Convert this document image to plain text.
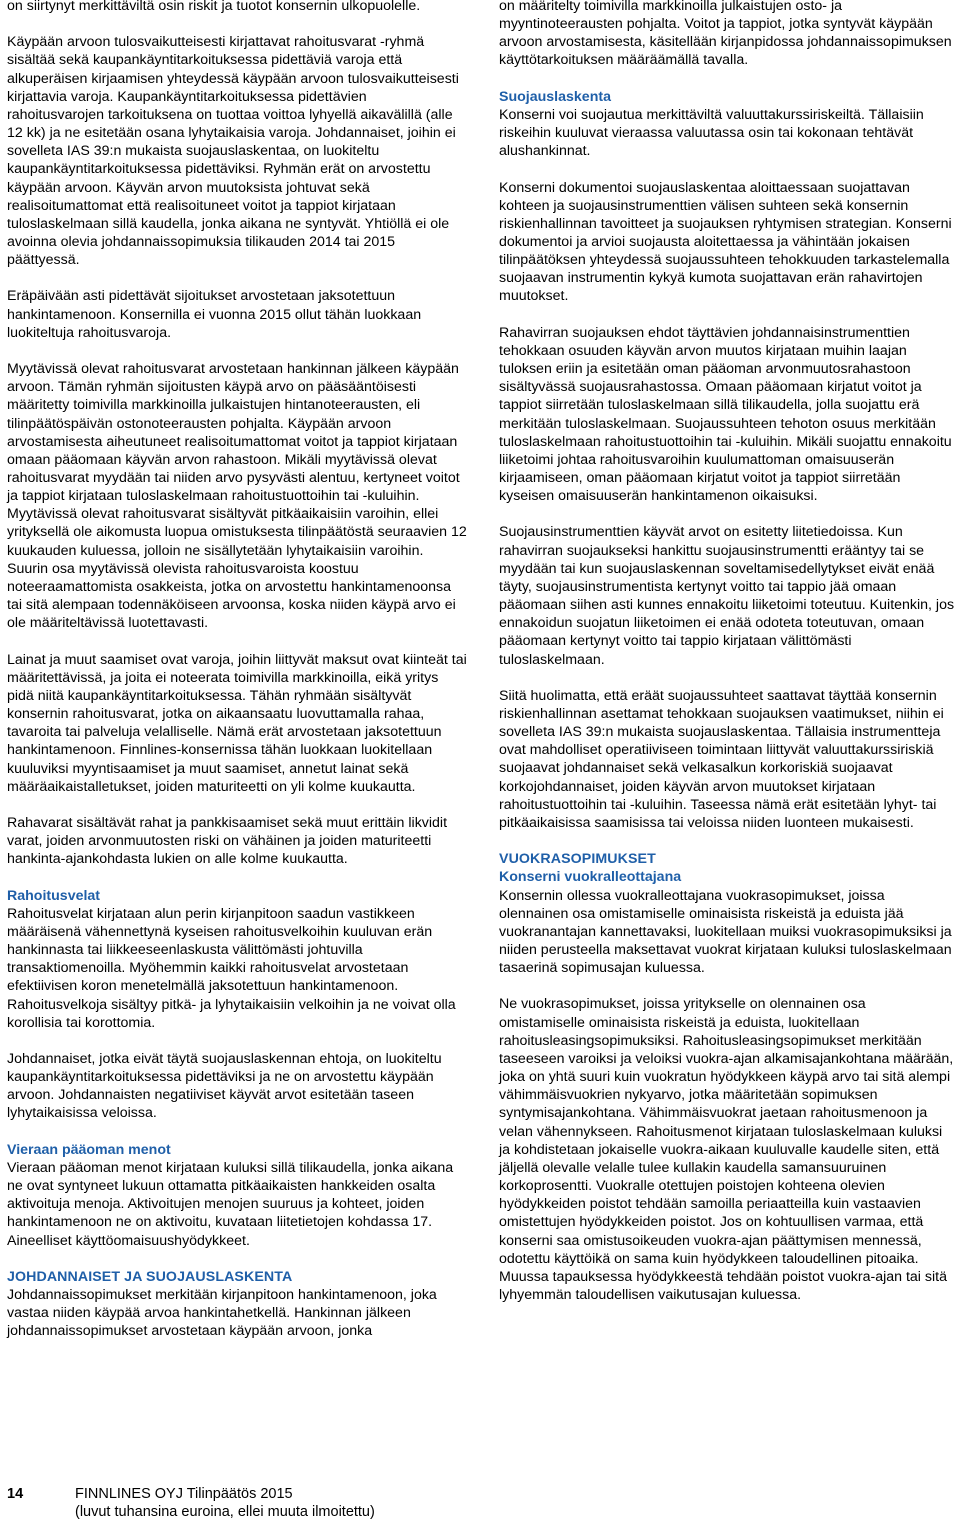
on siirtynyt merkittäviltä osin riskit ja tuotot konsernin ulkopuolelle.

Käypään arvoon tulosvaikutteisesti kirjattavat rahoitusvarat -ryhmä sisältää sekä kaupankäyntitarkoituksessa pidettäviä varoja että alkuperäisen kirjaamisen yhteydessä käypään arvoon tulosvaikutteisesti kirjattavia varoja. Kaupankäyntitarkoituksessa pidettävien rahoitusvarojen tarkoituksena on tuottaa voittoa lyhyellä aikavälillä (alle 12 kk) ja ne esitetään osana lyhytaikaisia varoja. Johdannaiset, joihin ei sovelleta IAS 39:n mukaista suojauslaskentaa, on luokiteltu kaupankäyntitarkoituksessa pidettäviksi. Ryhmän erät on arvostettu käypään arvoon. Käyvän arvon muutoksista johtuvat sekä realisoitumattomat että realisoituneet voitot ja tappiot kirjataan tuloslaskelmaan sillä kaudella, jonka aikana ne syntyvät. Yhtiöllä ei ole avoinna olevia johdannaissopimuksia tilikauden 2014 tai 2015 päättyessä.

Eräpäivään asti pidettävät sijoitukset arvostetaan jaksotettuun hankintamenoon. Konsernilla ei vuonna 2015 ollut tähän luokkaan luokiteltuja rahoitusvaroja.

Myytävissä olevat rahoitusvarat arvostetaan hankinnan jälkeen käypään arvoon. Tämän ryhmän sijoitusten käypä arvo on pääsääntöisesti määritetty toimivilla markkinoilla julkaistujen hintanoteerausten, eli tilinpäätöspäivän ostonoteerausten pohjalta. Käypään arvoon arvostamisesta aiheutuneet realisoitumattomat voitot ja tappiot kirjataan omaan pääomaan käyvän arvon rahastoon. Mikäli myytävissä olevat rahoitusvarat myydään tai niiden arvo pysyvästi alentuu, kertyneet voitot ja tappiot kirjataan tuloslaskelmaan rahoitustuottoihin tai -kuluihin. Myytävissä olevat rahoitusvarat sisältyvät pitkäaikaisiin varoihin, ellei yrityksellä ole aikomusta luopua omistuksesta tilinpäätöstä seuraavien 12 kuukauden kuluessa, jolloin ne sisällytetään lyhytaikaisiin varoihin. Suurin osa myytävissä olevista rahoitusvaroista koostuu noteeraamattomista osakkeista, jotka on arvostettu hankintamenoonsa tai sitä alempaan todennäköiseen arvoonsa, koska niiden käypä arvo ei ole määriteltävissä luotettavasti.

Lainat ja muut saamiset ovat varoja, joihin liittyvät maksut ovat kiinteät tai määritettävissä, ja joita ei noteerata toimivilla markkinoilla, eikä yritys pidä niitä kaupankäyntitarkoituksessa. Tähän ryhmään sisältyvät konsernin rahoitusvarat, jotka on aikaansaatu luovuttamalla rahaa, tavaroita tai palveluja velalliselle. Nämä erät arvostetaan jaksotettuun hankintamenoon. Finnlines-konsernissa tähän luokkaan luokitellaan kuuluviksi myyntisaamiset ja muut saamiset, annetut lainat sekä määräaikaistalletukset, joiden maturiteetti on yli kolme kuukautta.

Rahavarat sisältävät rahat ja pankkisaamiset sekä muut erittäin likvidit varat, joiden arvonmuutosten riski on vähäinen ja joiden maturiteetti hankinta-ajankohdasta lukien on alle kolme kuukautta.

Rahoitusvelat

Rahoitusvelat kirjataan alun perin kirjanpitoon saadun vastikkeen määräisenä vähennettynä kyseisen rahoitusvelkoihin kuuluvan erän hankinnasta tai liikkeeseenlaskusta välittömästi johtuvilla transaktiomenoilla. Myöhemmin kaikki rahoitusvelat arvostetaan efektiivisen koron menetelmällä jaksotettuun hankintamenoon. Rahoitusvelkoja sisältyy pitkä- ja lyhytaikaisiin velkoihin ja ne voivat olla korollisia tai korottomia.

Johdannaiset, jotka eivät täytä suojauslaskennan ehtoja, on luokiteltu kaupankäyntitarkoituksessa pidettäviksi ja ne on arvostettu käypään arvoon. Johdannaisten negatiiviset käyvät arvot esitetään taseen lyhytaikaisissa veloissa.

Vieraan pääoman menot

Vieraan pääoman menot kirjataan kuluksi sillä tilikaudella, jonka aikana ne ovat syntyneet lukuun ottamatta pitkäaikaisten hankkeiden osalta aktivoituja menoja. Aktivoitujen menojen suuruus ja kohteet, joiden hankintamenoon ne on aktivoitu, kuvataan liitetietojen kohdassa 17. Aineelliset käyttöomaisuushyödykkeet.

JOHDANNAISET JA SUOJAUSLASKENTA

Johdannaissopimukset merkitään kirjanpitoon hankintamenoon, joka vastaa niiden käypää arvoa hankintahetkellä. Hankinnan jälkeen johdannaissopimukset arvostetaan käypään arvoon, jonka

on määritelty toimivilla markkinoilla julkaistujen osto- ja myyntinoteerausten pohjalta. Voitot ja tappiot, jotka syntyvät käypään arvoon arvostamisesta, käsitellään kirjanpidossa johdannaissopimuksen käyttötarkoituksen määräämällä tavalla.

Suojauslaskenta

Konserni voi suojautua merkittäviltä valuuttakurssiriskeiltä. Tällaisiin riskeihin kuuluvat vieraassa valuutassa osin tai kokonaan tehtävät alushankinnat.

Konserni dokumentoi suojauslaskentaa aloittaessaan suojattavan kohteen ja suojausinstrumenttien välisen suhteen sekä konsernin riskienhallinnan tavoitteet ja suojauksen ryhtymisen strategian. Konserni dokumentoi ja arvioi suojausta aloitettaessa ja vähintään jokaisen tilinpäätöksen yhteydessä suojaussuhteen tehokkuuden tarkastelemalla suojaavan instrumentin kykyä kumota suojattavan erän rahavirtojen muutokset.

Rahavirran suojauksen ehdot täyttävien johdannaisinstrumenttien tehokkaan osuuden käyvän arvon muutos kirjataan muihin laajan tuloksen eriin ja esitetään oman pääoman arvonmuutosrahastoon sisältyvässä suojausrahastossa. Omaan pääomaan kirjatut voitot ja tappiot siirretään tuloslaskelmaan sillä tilikaudella, jolla suojattu erä merkitään tuloslaskelmaan. Suojaussuhteen tehoton osuus merkitään tuloslaskelmaan rahoitustuottoihin tai -kuluihin. Mikäli suojattu ennakoitu liiketoimi johtaa rahoitusvaroihin kuulumattoman omaisuuserän kirjaamiseen, oman pääomaan kirjatut voitot ja tappiot siirretään kyseisen omaisuuserän hankintamenon oikaisuksi.

Suojausinstrumenttien käyvät arvot on esitetty liitetiedoissa. Kun rahavirran suojaukseksi hankittu suojausinstrumentti erääntyy tai se myydään tai kun suojauslaskennan soveltamisedellytykset eivät enää täyty, suojausinstrumentista kertynyt voitto tai tappio jää omaan pääomaan siihen asti kunnes ennakoitu liiketoimi toteutuu. Kuitenkin, jos ennakoidun suojatun liiketoimen ei enää odoteta toteutuvan, omaan pääomaan kertynyt voitto tai tappio kirjataan välittömästi tuloslaskelmaan.

Siitä huolimatta, että eräät suojaussuhteet saattavat täyttää konsernin riskienhallinnan asettamat tehokkaan suojauksen vaatimukset, niihin ei sovelleta IAS 39:n mukaista suojauslaskentaa. Tällaisia instrumentteja ovat mahdolliset operatiiviseen toimintaan liittyvät valuuttakurssiriskiä suojaavat johdannaiset sekä velkasalkun korkoriskiä suojaavat korkojohdannaiset, joiden käyvän arvon muutokset kirjataan rahoitustuottoihin tai -kuluihin. Taseessa nämä erät esitetään lyhyt- tai pitkäaikaisissa saamisissa tai veloissa niiden luonteen mukaisesti.

VUOKRASOPIMUKSET
Konserni vuokralleottajana

Konsernin ollessa vuokralleottajana vuokrasopimukset, joissa olennainen osa omistamiselle ominaisista riskeistä ja eduista jää vuokranantajan kannettavaksi, luokitellaan muiksi vuokrasopimuksiksi ja niiden perusteella maksettavat vuokrat kirjataan kuluksi tuloslaskelmaan tasaerinä sopimusajan kuluessa.

Ne vuokrasopimukset, joissa yritykselle on olennainen osa omistamiselle ominaisista riskeistä ja eduista, luokitellaan rahoitusleasingsopimuksiksi. Rahoitusleasingsopimukset merkitään taseeseen varoiksi ja veloiksi vuokra-ajan alkamisajankohtana määrään, joka on yhtä suuri kuin vuokratun hyödykkeen käypä arvo tai sitä alempi vähimmäisvuokrien nykyarvo, jotka määritetään sopimuksen syntymisajankohtana. Vähimmäisvuokrat jaetaan rahoitusmenoon ja velan vähennykseen. Rahoitusmenot kirjataan tuloslaskelmaan kuluksi ja kohdistetaan jokaiselle vuokra-aikaan kuuluvalle kaudelle siten, että jäljellä olevalle velalle tulee kullakin kaudella samansuuruinen korkoprosentti. Vuokralle otettujen poistojen kohteena olevien hyödykkeiden poistot tehdään samoilla periaatteilla kuin vastaavien omistettujen hyödykkeiden poistot. Jos on kohtuullisen varmaa, että konserni saa omistusoikeuden vuokra-ajan päättymisen mennessä, odotettu käyttöikä on sama kuin hyödykkeen taloudellinen pitoaika. Muussa tapauksessa hyödykkeestä tehdään poistot vuokra-ajan tai sitä lyhyemmän taloudellisen vaikutusajan kuluessa.

14	FINNLINES OYJ Tilinpäätös 2015
(luvut tuhansina euroina, ellei muuta ilmoitettu)
